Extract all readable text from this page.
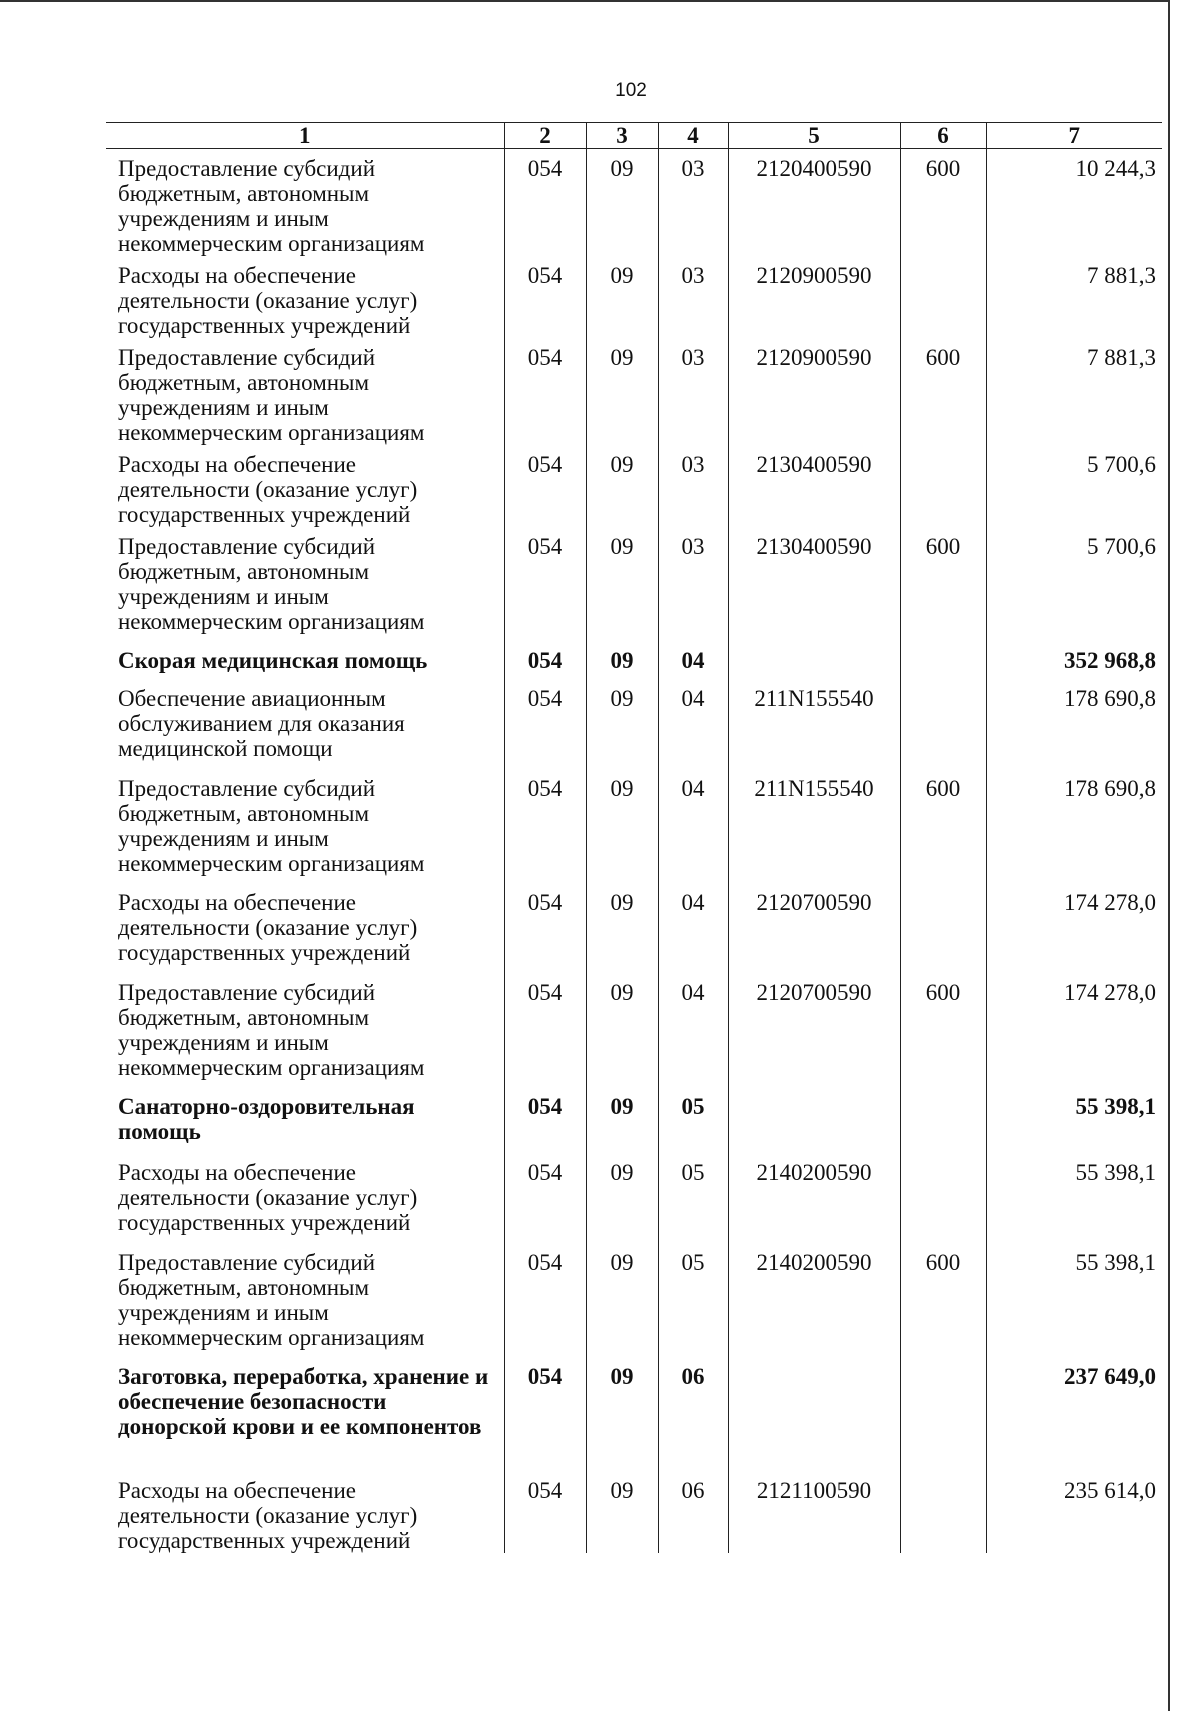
102
1	2	3	4	5	6	7
Предоставление субсидий бюджетным, автономным учреждениям и иным некоммерческим организациям	054	09	03	2120400590	600	10 244,3
Расходы на обеспечение деятельности (оказание услуг) государственных учреждений	054	09	03	2120900590		7 881,3
Предоставление субсидий бюджетным, автономным учреждениям и иным некоммерческим организациям	054	09	03	2120900590	600	7 881,3
Расходы на обеспечение деятельности (оказание услуг) государственных учреждений	054	09	03	2130400590		5 700,6
Предоставление субсидий бюджетным, автономным учреждениям и иным некоммерческим организациям	054	09	03	2130400590	600	5 700,6
Скорая медицинская помощь	054	09	04			352 968,8
Обеспечение авиационным обслуживанием для оказания медицинской помощи	054	09	04	211N155540		178 690,8
Предоставление субсидий бюджетным, автономным учреждениям и иным некоммерческим организациям	054	09	04	211N155540	600	178 690,8
Расходы на обеспечение деятельности (оказание услуг) государственных учреждений	054	09	04	2120700590		174 278,0
Предоставление субсидий бюджетным, автономным учреждениям и иным некоммерческим организациям	054	09	04	2120700590	600	174 278,0
Санаторно-оздоровительная помощь	054	09	05			55 398,1
Расходы на обеспечение деятельности (оказание услуг) государственных учреждений	054	09	05	2140200590		55 398,1
Предоставление субсидий бюджетным, автономным учреждениям и иным некоммерческим организациям	054	09	05	2140200590	600	55 398,1
Заготовка, переработка, хранение и обеспечение безопасности донорской крови и ее компонентов	054	09	06			237 649,0
Расходы на обеспечение деятельности (оказание услуг) государственных учреждений	054	09	06	2121100590		235 614,0
